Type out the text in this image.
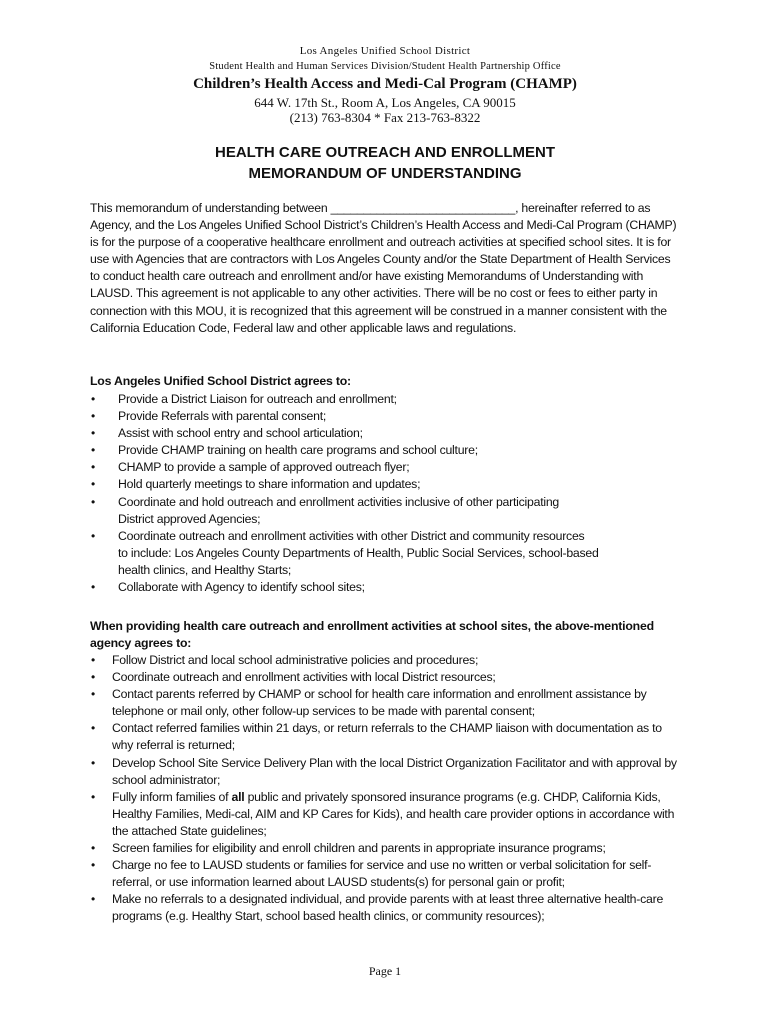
Los Angeles Unified School District
Student Health and Human Services Division/Student Health Partnership Office
Children’s Health Access and Medi-Cal Program (CHAMP)
644 W. 17th St., Room A, Los Angeles, CA 90015
(213) 763-8304 * Fax 213-763-8322
HEALTH CARE OUTREACH AND ENROLLMENT
MEMORANDUM OF UNDERSTANDING
This memorandum of understanding between ____________________________, hereinafter referred to as Agency, and the Los Angeles Unified School District’s Children’s Health Access and Medi-Cal Program (CHAMP) is for the purpose of a cooperative healthcare enrollment and outreach activities at specified school sites. It is for use with Agencies that are contractors with Los Angeles County and/or the State Department of Health Services to conduct health care outreach and enrollment and/or have existing Memorandums of Understanding with LAUSD. This agreement is not applicable to any other activities. There will be no cost or fees to either party in connection with this MOU, it is recognized that this agreement will be construed in a manner consistent with the California Education Code, Federal law and other applicable laws and regulations.
Los Angeles Unified School District agrees to:
• Provide a District Liaison for outreach and enrollment;
• Provide Referrals with parental consent;
• Assist with school entry and school articulation;
• Provide CHAMP training on health care programs and school culture;
• CHAMP to provide a sample of approved outreach flyer;
• Hold quarterly meetings to share information and updates;
• Coordinate and hold outreach and enrollment activities inclusive of other participating
District approved Agencies;
• Coordinate outreach and enrollment activities with other District and community resources
to include: Los Angeles County Departments of Health, Public Social Services, school-based
health clinics, and Healthy Starts;
• Collaborate with Agency to identify school sites;
When providing health care outreach and enrollment activities at school sites, the above-mentioned agency agrees to:
• Follow District and local school administrative policies and procedures;
• Coordinate outreach and enrollment activities with local District resources;
• Contact parents referred by CHAMP or school for health care information and enrollment assistance by telephone or mail only, other follow-up services to be made with parental consent;
• Contact referred families within 21 days, or return referrals to the CHAMP liaison with documentation as to why referral is returned;
• Develop School Site Service Delivery Plan with the local District Organization Facilitator and with approval by school administrator;
• Fully inform families of all public and privately sponsored insurance programs (e.g. CHDP, California Kids, Healthy Families, Medi-cal, AIM and KP Cares for Kids), and health care provider options in accordance with the attached State guidelines;
• Screen families for eligibility and enroll children and parents in appropriate insurance programs;
• Charge no fee to LAUSD students or families for service and use no written or verbal solicitation for self-referral, or use information learned about LAUSD students(s) for personal gain or profit;
• Make no referrals to a designated individual, and provide parents with at least three alternative health-care programs (e.g. Healthy Start, school based health clinics, or community resources);
Page 1
